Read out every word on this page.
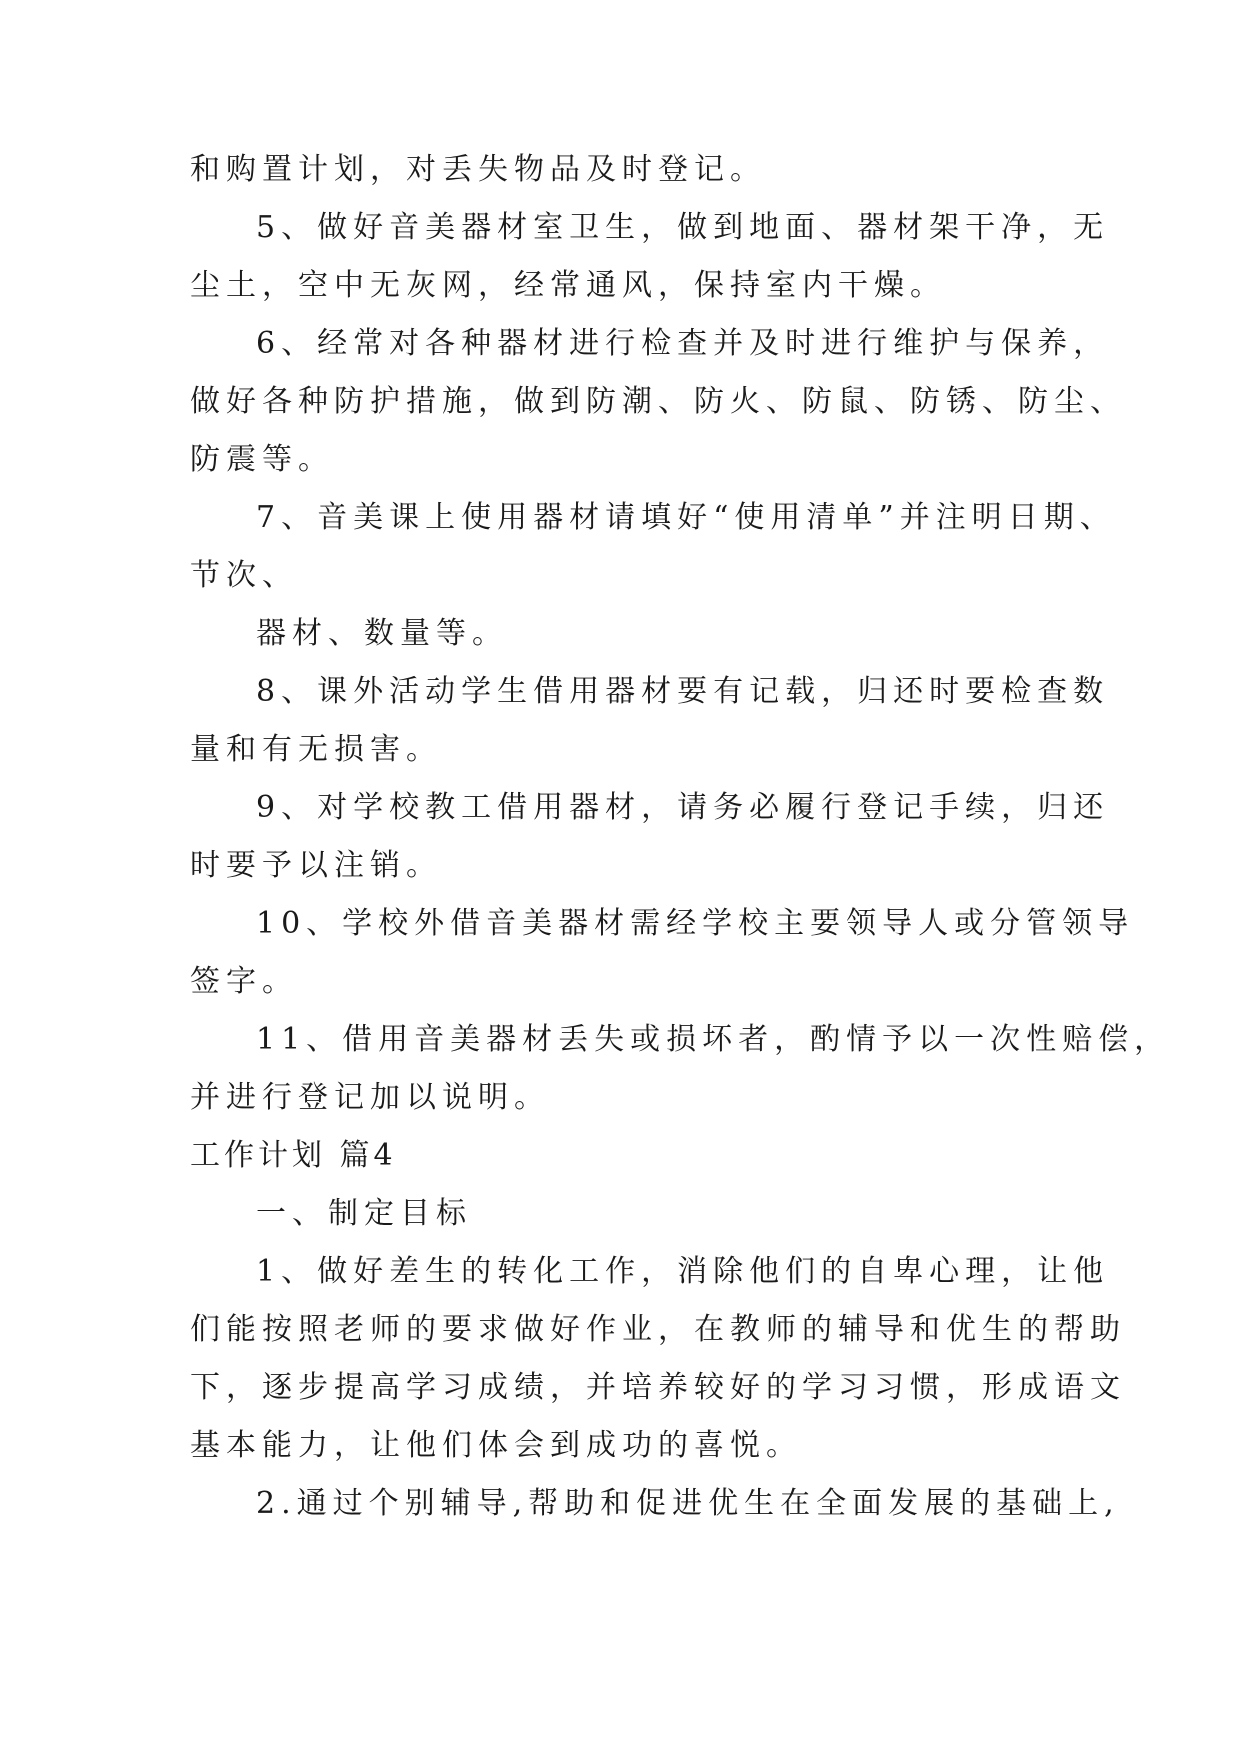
和购置计划，对丢失物品及时登记。
5、做好音美器材室卫生，做到地面、器材架干净，无
尘土，空中无灰网，经常通风，保持室内干燥。
6、经常对各种器材进行检查并及时进行维护与保养，
做好各种防护措施，做到防潮、防火、防鼠、防锈、防尘、
防震等。
7、音美课上使用器材请填好“使用清单”并注明日期、
节次、
器材、数量等。
8、课外活动学生借用器材要有记载，归还时要检查数
量和有无损害。
9、对学校教工借用器材，请务必履行登记手续，归还
时要予以注销。
10、学校外借音美器材需经学校主要领导人或分管领导
签字。
11、借用音美器材丢失或损坏者，酌情予以一次性赔偿，
并进行登记加以说明。
工作计划 篇4
一、制定目标
1、做好差生的转化工作，消除他们的自卑心理，让他
们能按照老师的要求做好作业，在教师的辅导和优生的帮助
下，逐步提高学习成绩，并培养较好的学习习惯，形成语文
基本能力，让他们体会到成功的喜悦。
2.通过个别辅导,帮助和促进优生在全面发展的基础上,
